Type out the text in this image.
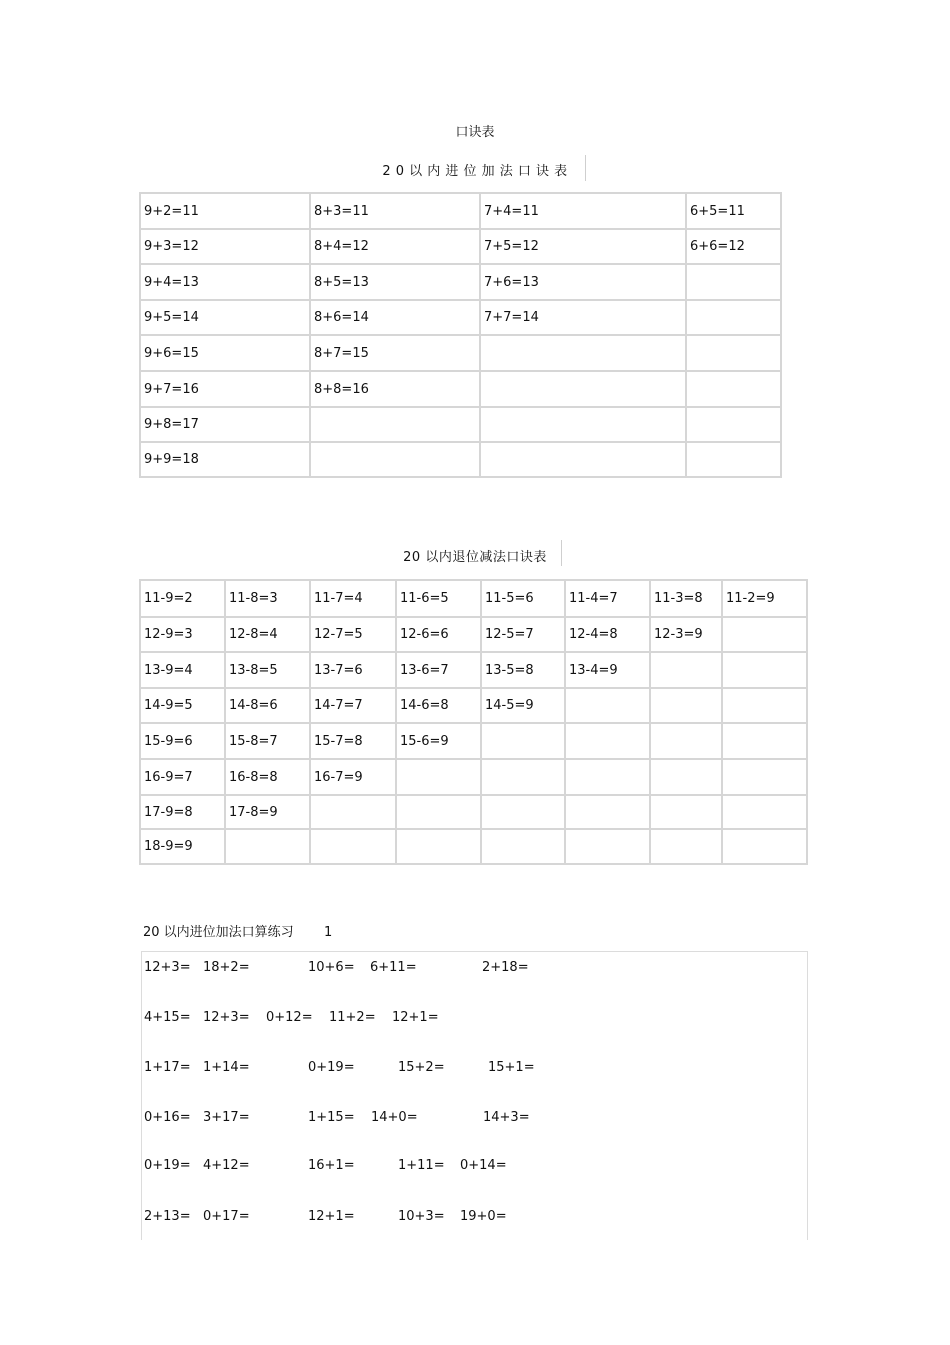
口诀表
2 0 以 内 进 位 加 法 口 诀 表
9+2=11	8+3=11	7+4=11	6+5=11
9+3=12	8+4=12	7+5=12	6+6=12
9+4=13	8+5=13	7+6=13	
9+5=14	8+6=14	7+7=14	
9+6=15	8+7=15		
9+7=16	8+8=16		
9+8=17			
9+9=18			
20 以内退位减法口诀表
11-9=2	11-8=3	11-7=4	11-6=5	11-5=6	11-4=7	11-3=8	11-2=9
12-9=3	12-8=4	12-7=5	12-6=6	12-5=7	12-4=8	12-3=9	
13-9=4	13-8=5	13-7=6	13-6=7	13-5=8	13-4=9		
14-9=5	14-8=6	14-7=7	14-6=8	14-5=9			
15-9=6	15-8=7	15-7=8	15-6=9				
16-9=7	16-8=8	16-7=9					
17-9=8	17-8=9						
18-9=9							
20 以内进位加法口算练习 1
12+3= 18+2=	10+6= 6+11=	2+18=
4+15= 12+3= 0+12= 11+2= 12+1=
1+17= 1+14=	0+19=	15+2=	15+1=
0+16= 3+17=	1+15= 14+0=	14+3=
0+19= 4+12=	16+1=	1+11= 0+14=
2+13= 0+17=	12+1=	10+3= 19+0=
